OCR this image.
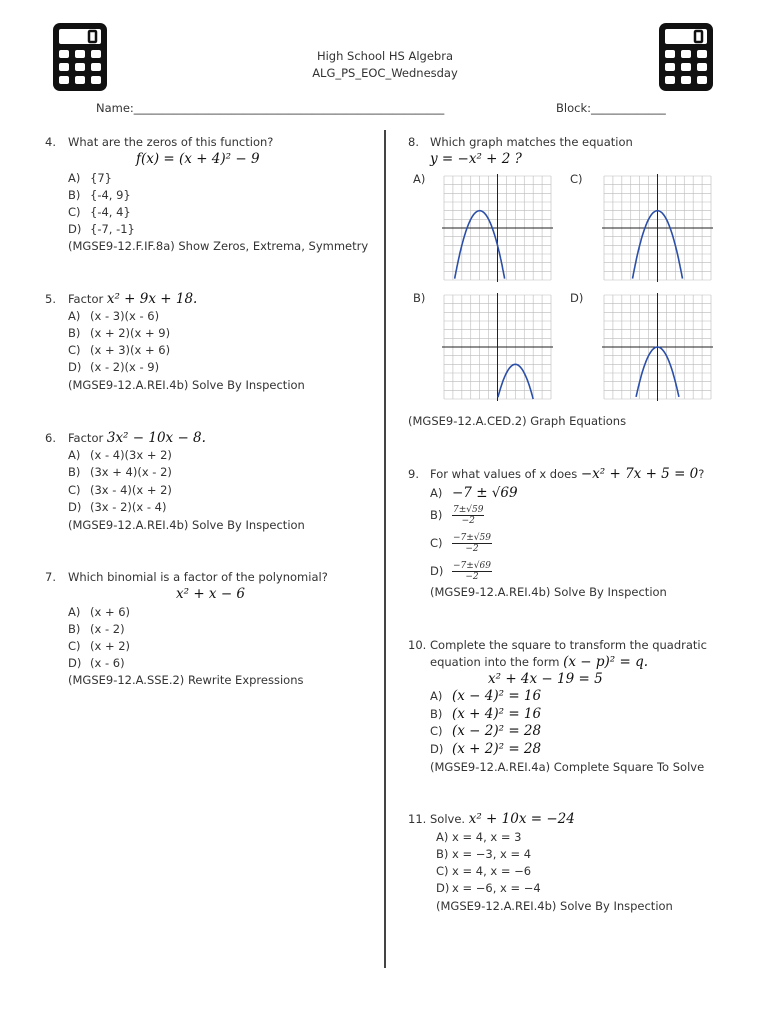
High School HS Algebra
ALG_PS_EOC_Wednesday
Name:______________________________________________________	Block:_____________
4. What are the zeros of this function?
f(x) = (x + 4)² − 9
A) {7}
B) {-4, 9}
C) {-4, 4}
D) {-7, -1}
(MGSE9-12.F.IF.8a) Show Zeros, Extrema, Symmetry
5. Factor x² + 9x + 18.
A) (x - 3)(x - 6)
B) (x + 2)(x + 9)
C) (x + 3)(x + 6)
D) (x - 2)(x - 9)
(MGSE9-12.A.REI.4b) Solve By Inspection
6. Factor 3x² − 10x − 8.
A) (x - 4)(3x + 2)
B) (3x + 4)(x - 2)
C) (3x - 4)(x + 2)
D) (3x - 2)(x - 4)
(MGSE9-12.A.REI.4b) Solve By Inspection
7. Which binomial is a factor of the polynomial?
x² + x − 6
A) (x + 6)
B) (x - 2)
C) (x + 2)
D) (x - 6)
(MGSE9-12.A.SSE.2) Rewrite Expressions
8. Which graph matches the equation
y = −x² + 2 ?
A)
B)
C)
D)
(MGSE9-12.A.CED.2) Graph Equations
9. For what values of x does −x² + 7x + 5 = 0?
A) −7 ± √69
$B) \frac{7\pm√59}{-2}$
$C) \frac{-7\pm√59}{-2}$
$D) \frac{-7\pm√69}{-2}$
(MGSE9-12.A.REI.4b) Solve By Inspection
10. Complete the square to transform the quadratic
equation into the form (x − p)² = q.
x² + 4x − 19 = 5
A) (x − 4)² = 16
B) (x + 4)² = 16
C) (x − 2)² = 28
D) (x + 2)² = 28
(MGSE9-12.A.REI.4a) Complete Square To Solve
11. Solve. x² + 10x = −24
A) x = 4, x = 3
B) x = −3, x = 4
C) x = 4, x = −6
D) x = −6, x = −4
(MGSE9-12.A.REI.4b) Solve By Inspection
